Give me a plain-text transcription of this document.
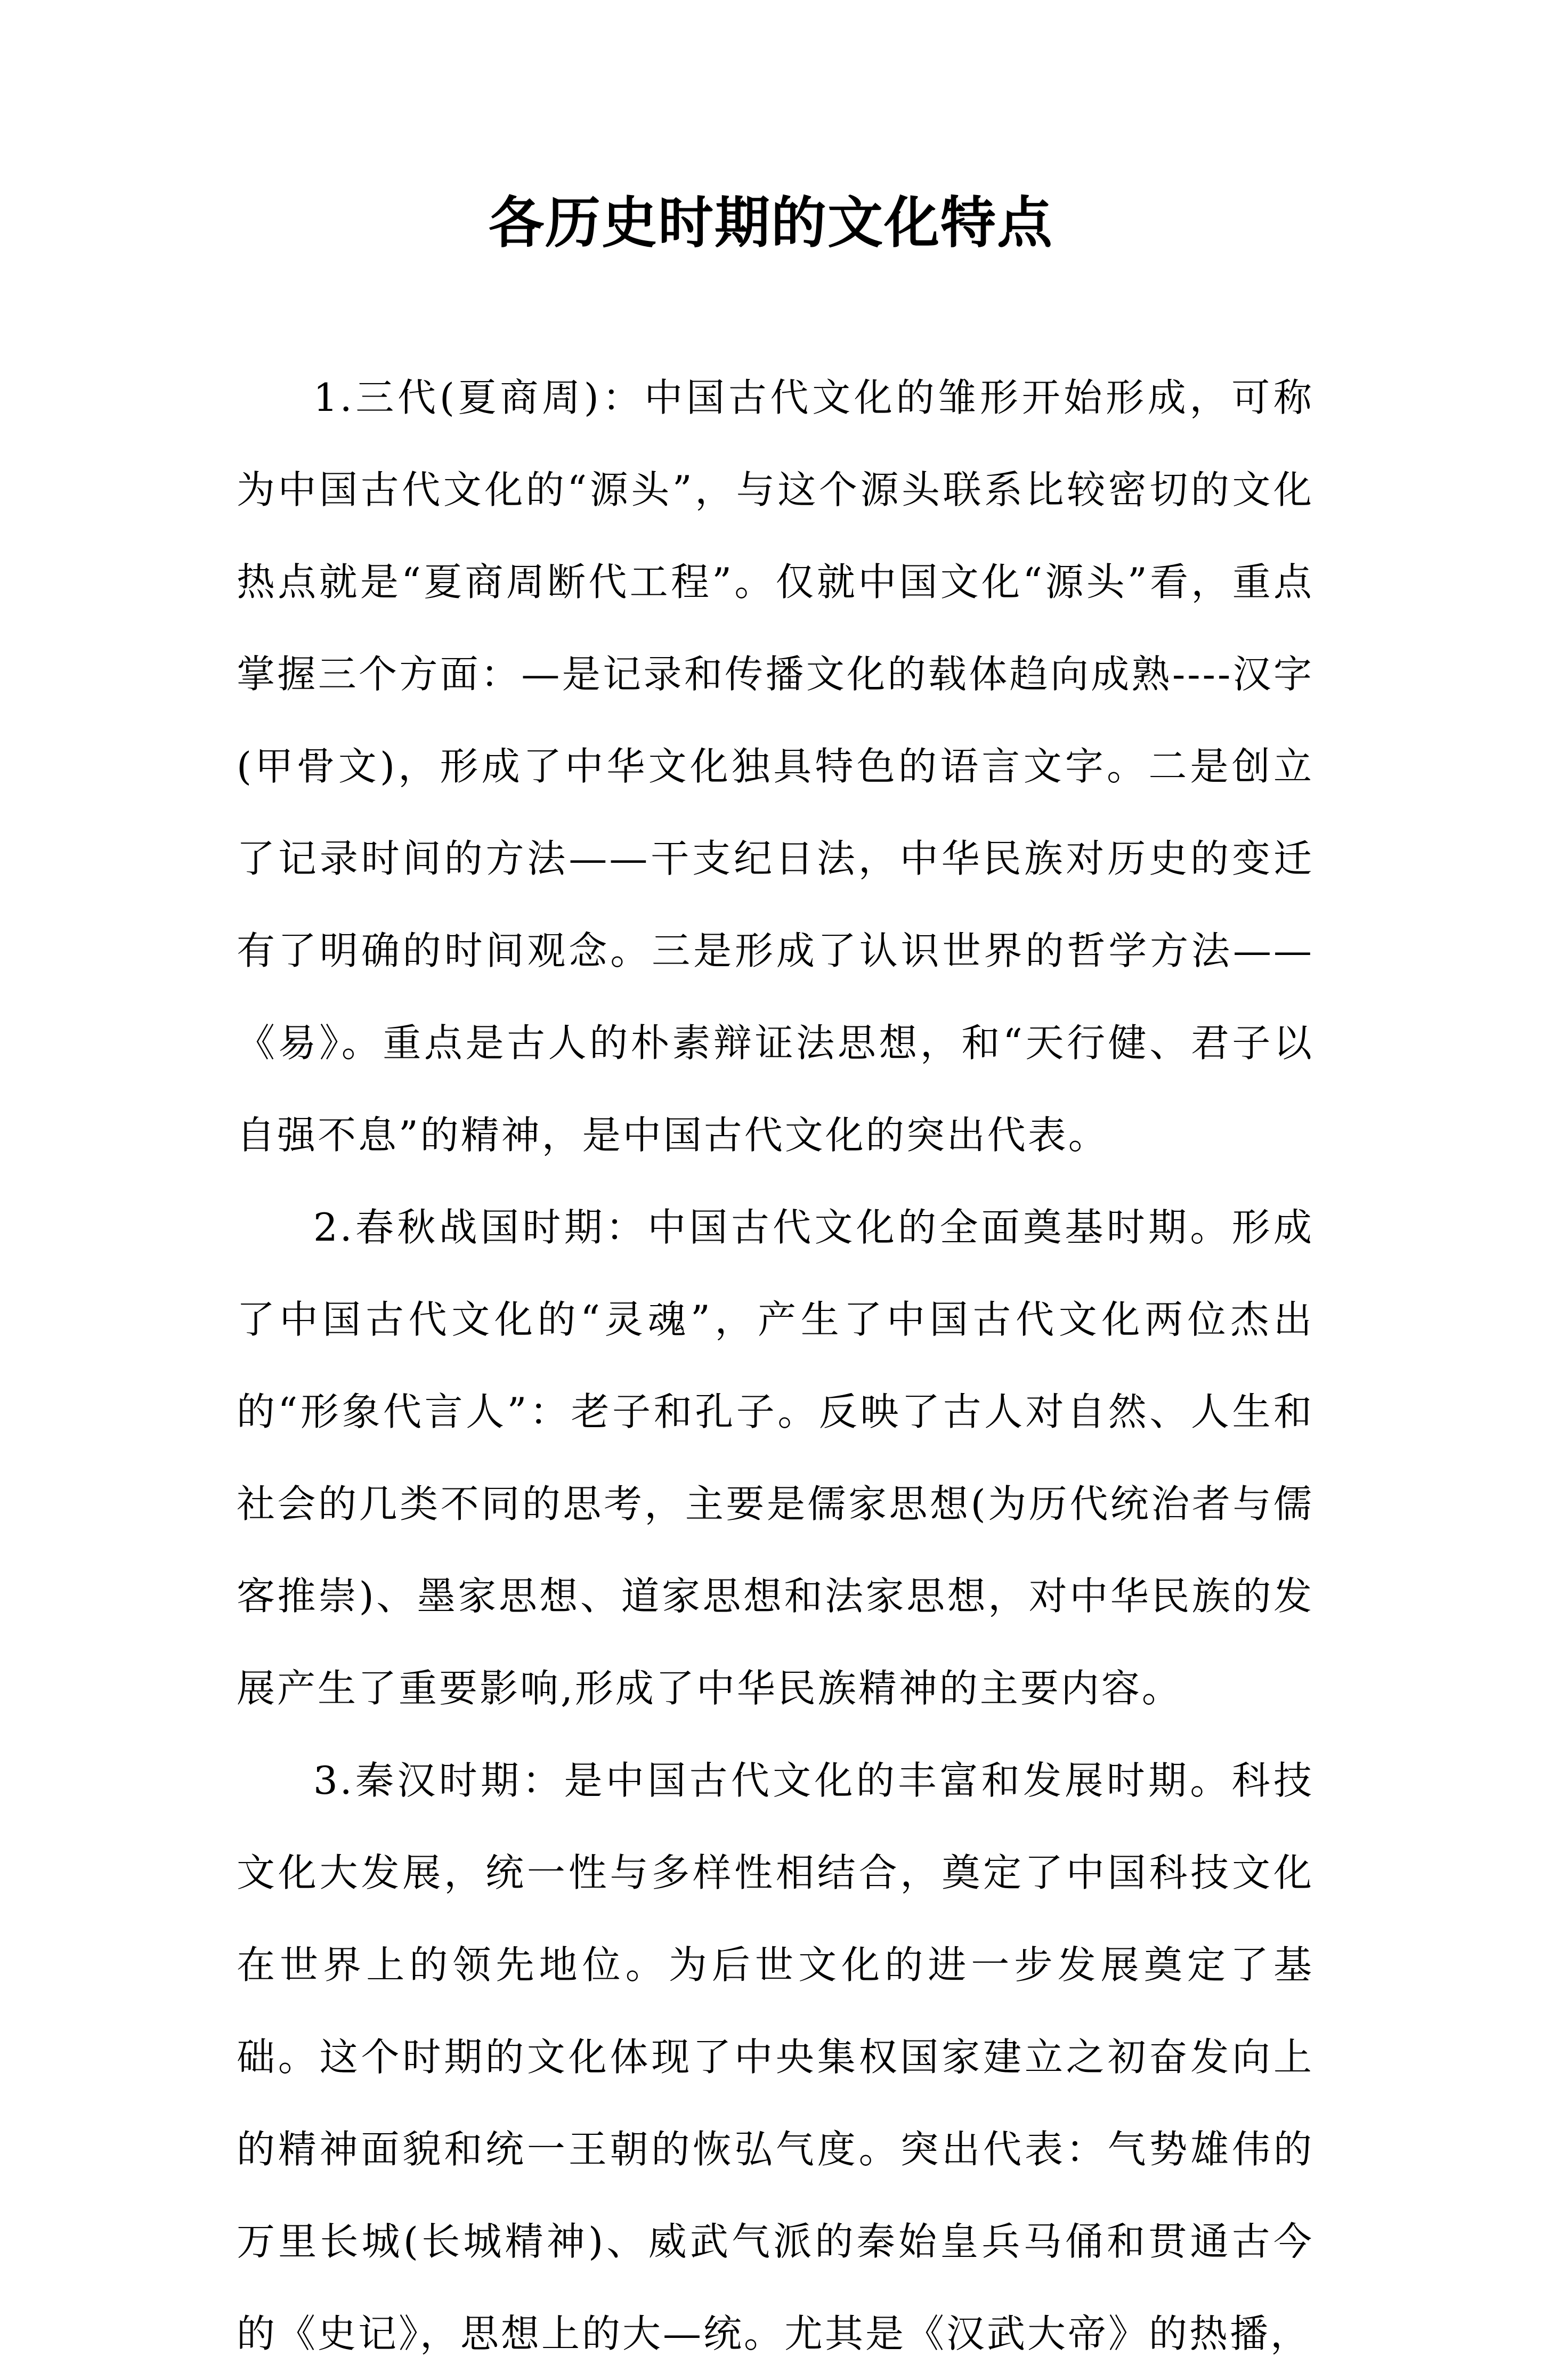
各历史时期的文化特点

1.三代(夏商周)：中国古代文化的雏形开始形成，可称为中国古代文化的“源头”，与这个源头联系比较密切的文化热点就是“夏商周断代工程”。仅就中国文化“源头”看，重点掌握三个方面：—是记录和传播文化的载体趋向成熟----汉字(甲骨文)，形成了中华文化独具特色的语言文字。二是创立了记录时间的方法——干支纪日法，中华民族对历史的变迁有了明确的时间观念。三是形成了认识世界的哲学方法——《易》。重点是古人的朴素辩证法思想，和“天行健、君子以自强不息”的精神，是中国古代文化的突出代表。

2.春秋战国时期：中国古代文化的全面奠基时期。形成了中国古代文化的“灵魂”，产生了中国古代文化两位杰出的“形象代言人”：老子和孔子。反映了古人对自然、人生和社会的几类不同的思考，主要是儒家思想(为历代统治者与儒客推崇)、墨家思想、道家思想和法家思想，对中华民族的发展产生了重要影响,形成了中华民族精神的主要内容。

3.秦汉时期：是中国古代文化的丰富和发展时期。科技文化大发展，统一性与多样性相结合，奠定了中国科技文化在世界上的领先地位。为后世文化的进一步发展奠定了基础。这个时期的文化体现了中央集权国家建立之初奋发向上的精神面貌和统一王朝的恢弘气度。突出代表：气势雄伟的万里长城(长城精神)、威武气派的秦始皇兵马俑和贯通古今的《史记》，思想上的大—统。尤其是《汉武大帝》的热播，
